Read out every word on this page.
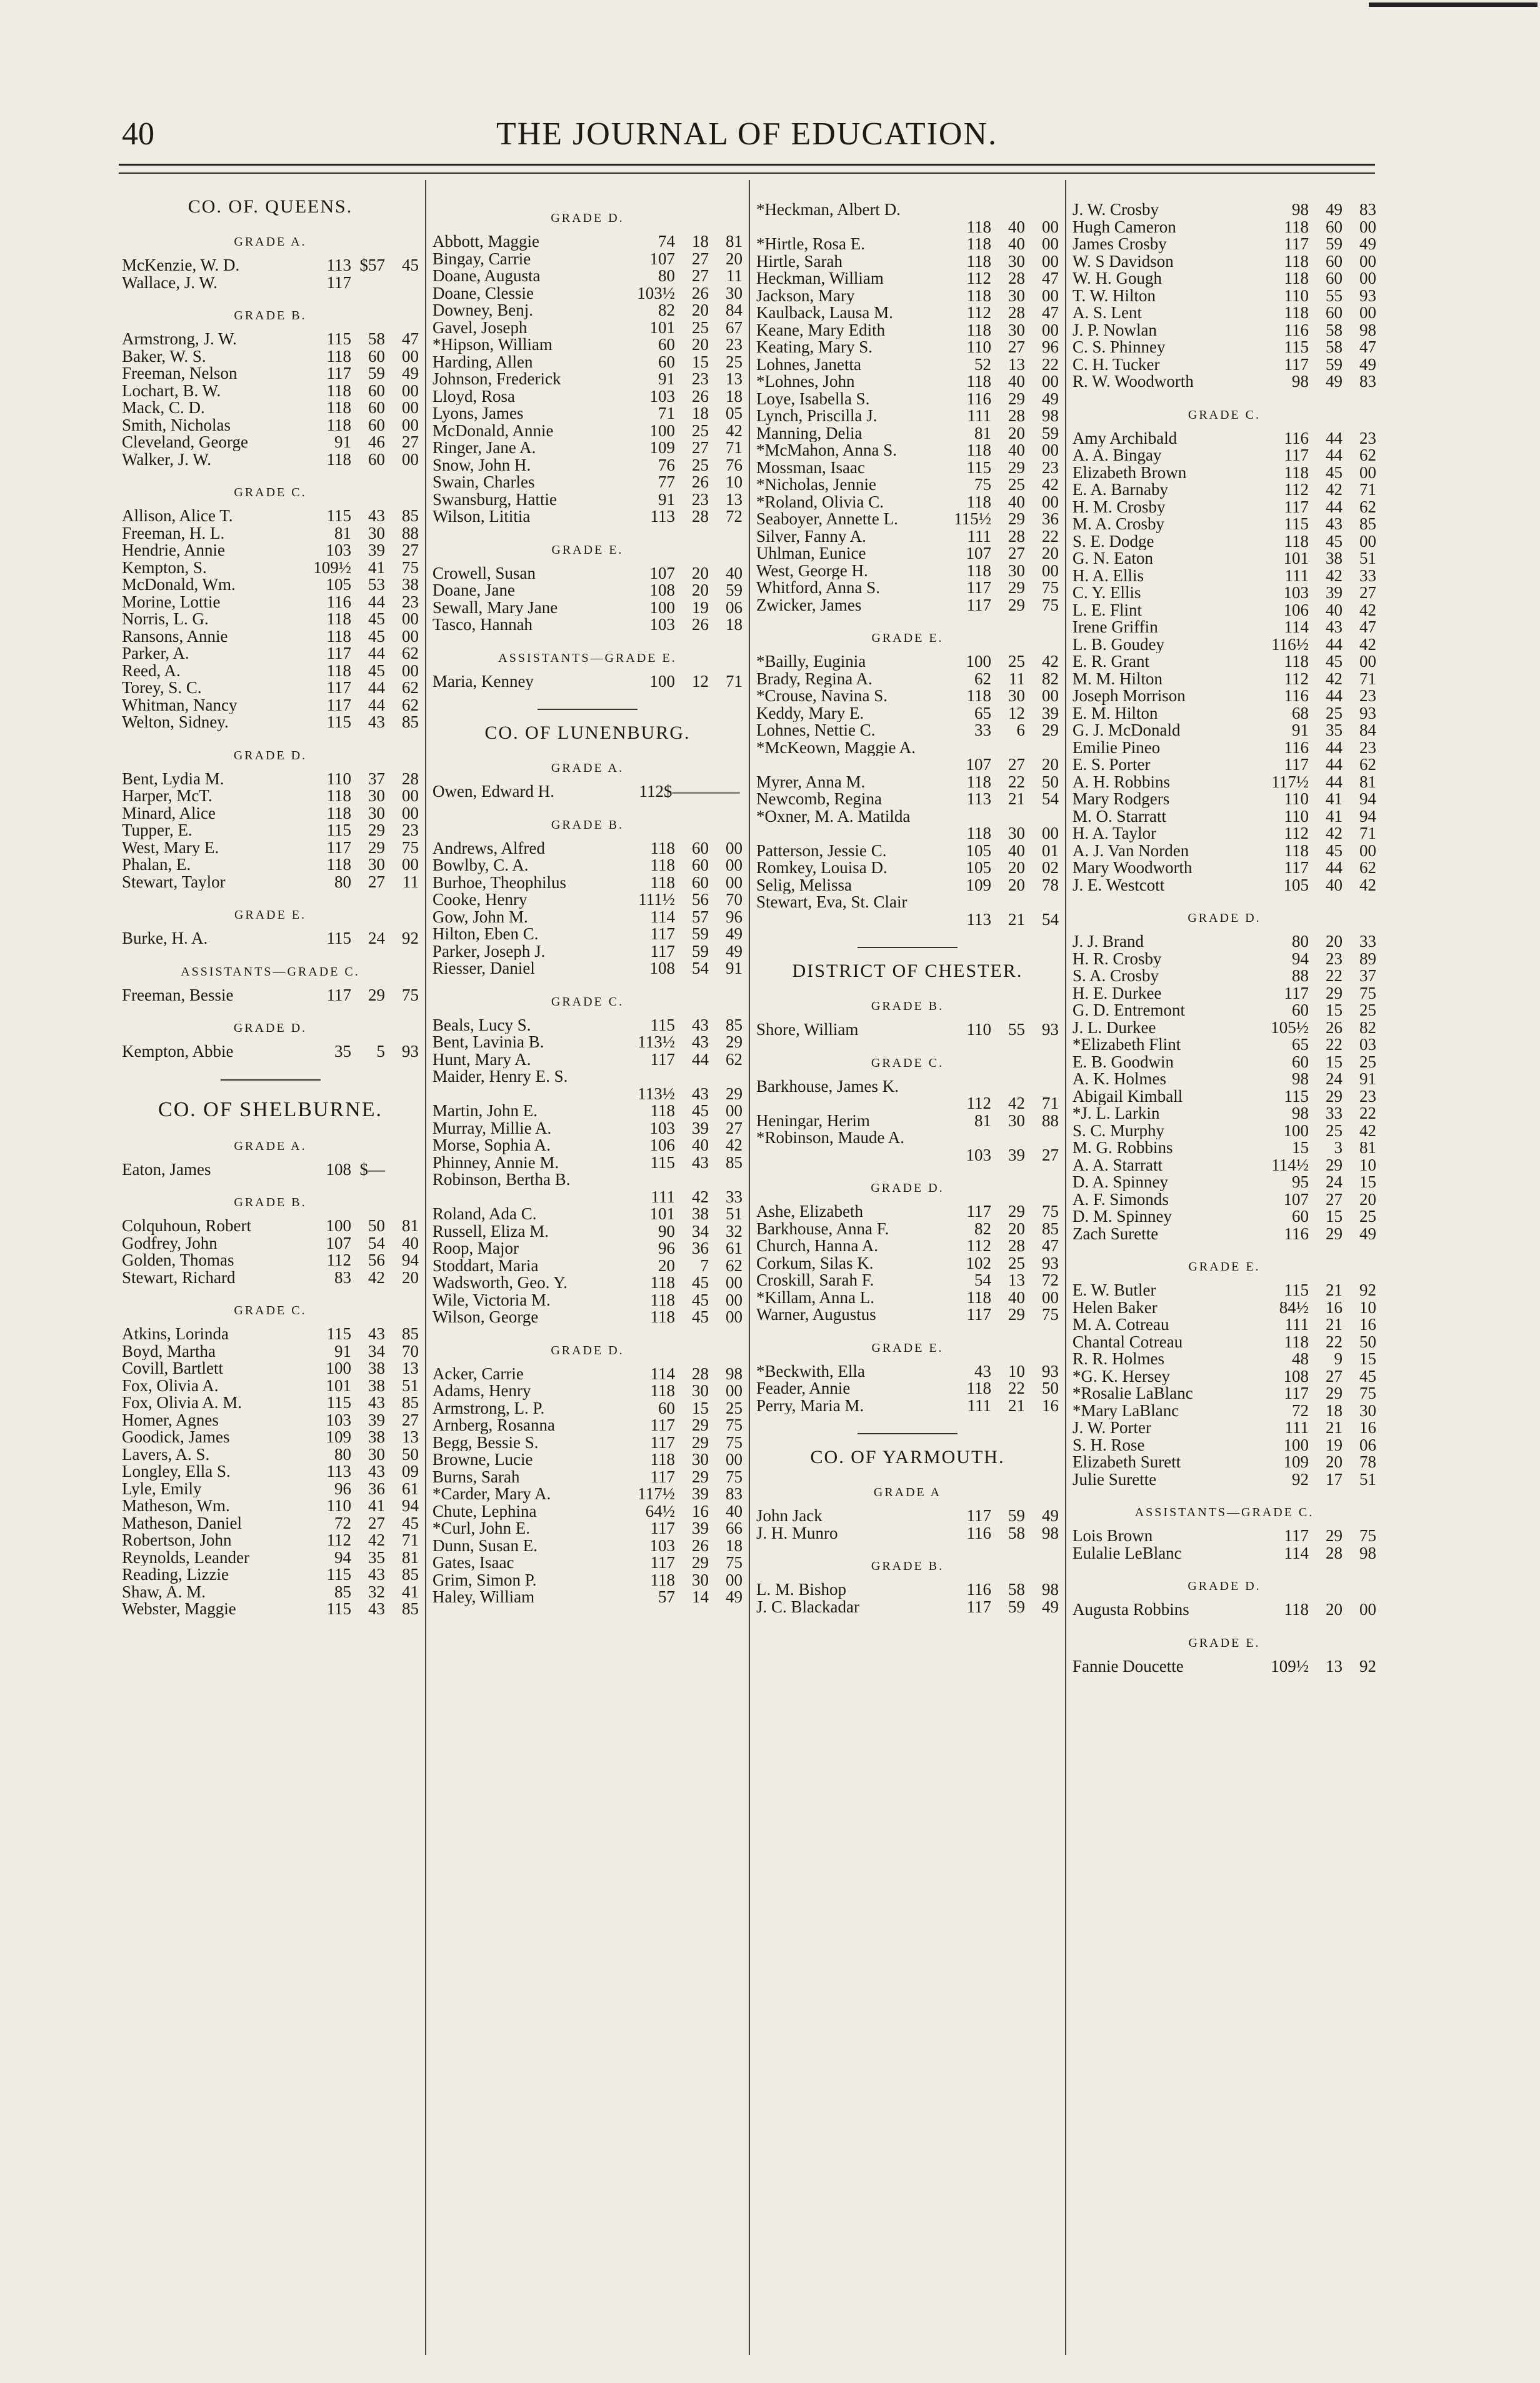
40	THE JOURNAL OF EDUCATION.
CO. OF. QUEENS.
GRADE A.
McKenzie, W. D.	113 $57	45
Wallace, J. W.	117
GRADE B.
Armstrong, J. W.	115	58	47
Baker, W. S.	118	60	00
Freeman, Nelson	117	59	49
Lochart, B. W.	118	60	00
Mack, C. D.	118	60	00
Smith, Nicholas	118	60	00
Cleveland, George	91	46	27
Walker, J. W.	118	60	00
GRADE C.
Allison, Alice T.	115	43	85
Freeman, H. L.	81	30	88
Hendrie, Annie	103	39	27
Kempton, S.	109½	41	75
McDonald, Wm.	105	53	38
Morine, Lottie	116	44	23
Norris, L. G.	118	45	00
Ransons, Annie	118	45	00
Parker, A.	117	44	62
Reed, A.	118	45	00
Torey, S. C.	117	44	62
Whitman, Nancy	117	44	62
Welton, Sidney.	115	43	85
GRADE D.
Bent, Lydia M.	110	37	28
Harper, McT.	118	30	00
Minard, Alice	118	30	00
Tupper, E.	115	29	23
West, Mary E.	117	29	75
Phalan, E.	118	30	00
Stewart, Taylor	80	27	11
GRADE E.
Burke, H. A.	115	24	92
ASSISTANTS—GRADE C.
Freeman, Bessie	117	29	75
GRADE D.
Kempton, Abbie	35	5	93
CO. OF SHELBURNE.
GRADE A.
Eaton, James	108 $—
GRADE B.
Colquhoun, Robert	100	50	81
Godfrey, John	107	54	40
Golden, Thomas	112	56	94
Stewart, Richard	83	42	20
GRADE C.
Atkins, Lorinda	115	43	85
Boyd, Martha	91	34	70
Covill, Bartlett	100	38	13
Fox, Olivia A.	101	38	51
Fox, Olivia A. M.	115	43	85
Homer, Agnes	103	39	27
Goodick, James	109	38	13
Lavers, A. S.	80	30	50
Longley, Ella S.	113	43	09
Lyle, Emily	96	36	61
Matheson, Wm.	110	41	94
Matheson, Daniel	72	27	45
Robertson, John	112	42	71
Reynolds, Leander	94	35	81
Reading, Lizzie	115	43	85
Shaw, A. M.	85	32	41
Webster, Maggie	115	43	85
GRADE D.
Abbott, Maggie	74	18	81
Bingay, Carrie	107	27	20
Doane, Augusta	80	27	11
Doane, Clessie	103½	26	30
Downey, Benj.	82	20	84
Gavel, Joseph	101	25	67
*Hipson, William	60	20	23
Harding, Allen	60	15	25
Johnson, Frederick	91	23	13
Lloyd, Rosa	103	26	18
Lyons, James	71	18	05
McDonald, Annie	100	25	42
Ringer, Jane A.	109	27	71
Snow, John H.	76	25	76
Swain, Charles	77	26	10
Swansburg, Hattie	91	23	13
Wilson, Lititia	113	28	72
GRADE E.
Crowell, Susan	107	20	40
Doane, Jane	108	20	59
Sewall, Mary Jane	100	19	06
Tasco, Hannah	103	26	18
ASSISTANTS—GRADE E.
Maria, Kenney	100	12	71
CO. OF LUNENBURG.
GRADE A.
Owen, Edward H.	112$————
GRADE B.
Andrews, Alfred	118	60	00
Bowlby, C. A.	118	60	00
Burhoe, Theophilus	118	60	00
Cooke, Henry	111½	56	70
Gow, John M.	114	57	96
Hilton, Eben C.	117	59	49
Parker, Joseph J.	117	59	49
Riesser, Daniel	108	54	91
GRADE C.
Beals, Lucy S.	115	43	85
Bent, Lavinia B.	113½	43	29
Hunt, Mary A.	117	44	62
Maider, Henry E. S.
113½	43	29
Martin, John E.	118	45	00
Murray, Millie A.	103	39	27
Morse, Sophia A.	106	40	42
Phinney, Annie M.	115	43	85
Robinson, Bertha B.
111	42	33
Roland, Ada C.	101	38	51
Russell, Eliza M.	90	34	32
Roop, Major	96	36	61
Stoddart, Maria	20	7	62
Wadsworth, Geo. Y.	118	45	00
Wile, Victoria M.	118	45	00
Wilson, George	118	45	00
GRADE D.
Acker, Carrie	114	28	98
Adams, Henry	118	30	00
Armstrong, L. P.	60	15	25
Arnberg, Rosanna	117	29	75
Begg, Bessie S.	117	29	75
Browne, Lucie	118	30	00
Burns, Sarah	117	29	75
*Carder, Mary A.	117½	39	83
Chute, Lephina	64½	16	40
*Curl, John E.	117	39	66
Dunn, Susan E.	103	26	18
Gates, Isaac	117	29	75
Grim, Simon P.	118	30	00
Haley, William	57	14	49
*Heckman, Albert D.
118	40	00
*Hirtle, Rosa E.	118	40	00
Hirtle, Sarah	118	30	00
Heckman, William	112	28	47
Jackson, Mary	118	30	00
Kaulback, Lausa M.	112	28	47
Keane, Mary Edith	118	30	00
Keating, Mary S.	110	27	96
Lohnes, Janetta	52	13	22
*Lohnes, John	118	40	00
Loye, Isabella S.	116	29	49
Lynch, Priscilla J.	111	28	98
Manning, Delia	81	20	59
*McMahon, Anna S.	118	40	00
Mossman, Isaac	115	29	23
*Nicholas, Jennie	75	25	42
*Roland, Olivia C.	118	40	00
Seaboyer, Annette L.	115½	29	36
Silver, Fanny A.	111	28	22
Uhlman, Eunice	107	27	20
West, George H.	118	30	00
Whitford, Anna S.	117	29	75
Zwicker, James	117	29	75
GRADE E.
*Bailly, Euginia	100	25	42
Brady, Regina A.	62	11	82
*Crouse, Navina S.	118	30	00
Keddy, Mary E.	65	12	39
Lohnes, Nettie C.	33	6	29
*McKeown, Maggie A.
107	27	20
Myrer, Anna M.	118	22	50
Newcomb, Regina	113	21	54
*Oxner, M. A. Matilda
118	30	00
Patterson, Jessie C.	105	40	01
Romkey, Louisa D.	105	20	02
Selig, Melissa	109	20	78
Stewart, Eva, St. Clair
113	21	54
DISTRICT OF CHESTER.
GRADE B.
Shore, William	110	55	93
GRADE C.
Barkhouse, James K.
112	42	71
Heningar, Herim	81	30	88
*Robinson, Maude A.
103	39	27
GRADE D.
Ashe, Elizabeth	117	29	75
Barkhouse, Anna F.	82	20	85
Church, Hanna A.	112	28	47
Corkum, Silas K.	102	25	93
Croskill, Sarah F.	54	13	72
*Killam, Anna L.	118	40	00
Warner, Augustus	117	29	75
GRADE E.
*Beckwith, Ella	43	10	93
Feader, Annie	118	22	50
Perry, Maria M.	111	21	16
CO. OF YARMOUTH.
GRADE A
John Jack	117	59	49
J. H. Munro	116	58	98
GRADE B.
L. M. Bishop	116	58	98
J. C. Blackadar	117	59	49
J. W. Crosby	98	49	83
Hugh Cameron	118	60	00
James Crosby	117	59	49
W. S Davidson	118	60	00
W. H. Gough	118	60	00
T. W. Hilton	110	55	93
A. S. Lent	118	60	00
J. P. Nowlan	116	58	98
C. S. Phinney	115	58	47
C. H. Tucker	117	59	49
R. W. Woodworth	98	49	83
GRADE C.
Amy Archibald	116	44	23
A. A. Bingay	117	44	62
Elizabeth Brown	118	45	00
E. A. Barnaby	112	42	71
H. M. Crosby	117	44	62
M. A. Crosby	115	43	85
S. E. Dodge	118	45	00
G. N. Eaton	101	38	51
H. A. Ellis	111	42	33
C. Y. Ellis	103	39	27
L. E. Flint	106	40	42
Irene Griffin	114	43	47
L. B. Goudey	116½	44	42
E. R. Grant	118	45	00
M. M. Hilton	112	42	71
Joseph Morrison	116	44	23
E. M. Hilton	68	25	93
G. J. McDonald	91	35	84
Emilie Pineo	116	44	23
E. S. Porter	117	44	62
A. H. Robbins	117½	44	81
Mary Rodgers	110	41	94
M. O. Starratt	110	41	94
H. A. Taylor	112	42	71
A. J. Van Norden	118	45	00
Mary Woodworth	117	44	62
J. E. Westcott	105	40	42
GRADE D.
J. J. Brand	80	20	33
H. R. Crosby	94	23	89
S. A. Crosby	88	22	37
H. E. Durkee	117	29	75
G. D. Entremont	60	15	25
J. L. Durkee	105½	26	82
*Elizabeth Flint	65	22	03
E. B. Goodwin	60	15	25
A. K. Holmes	98	24	91
Abigail Kimball	115	29	23
*J. L. Larkin	98	33	22
S. C. Murphy	100	25	42
M. G. Robbins	15	3	81
A. A. Starratt	114½	29	10
D. A. Spinney	95	24	15
A. F. Simonds	107	27	20
D. M. Spinney	60	15	25
Zach Surette	116	29	49
GRADE E.
E. W. Butler	115	21	92
Helen Baker	84½	16	10
M. A. Cotreau	111	21	16
Chantal Cotreau	118	22	50
R. R. Holmes	48	9	15
*G. K. Hersey	108	27	45
*Rosalie LaBlanc	117	29	75
*Mary LaBlanc	72	18	30
J. W. Porter	111	21	16
S. H. Rose	100	19	06
Elizabeth Surett	109	20	78
Julie Surette	92	17	51
ASSISTANTS—GRADE C.
Lois Brown	117	29	75
Eulalie LeBlanc	114	28	98
GRADE D.
Augusta Robbins	118	20	00
GRADE E.
Fannie Doucette	109½	13	92
